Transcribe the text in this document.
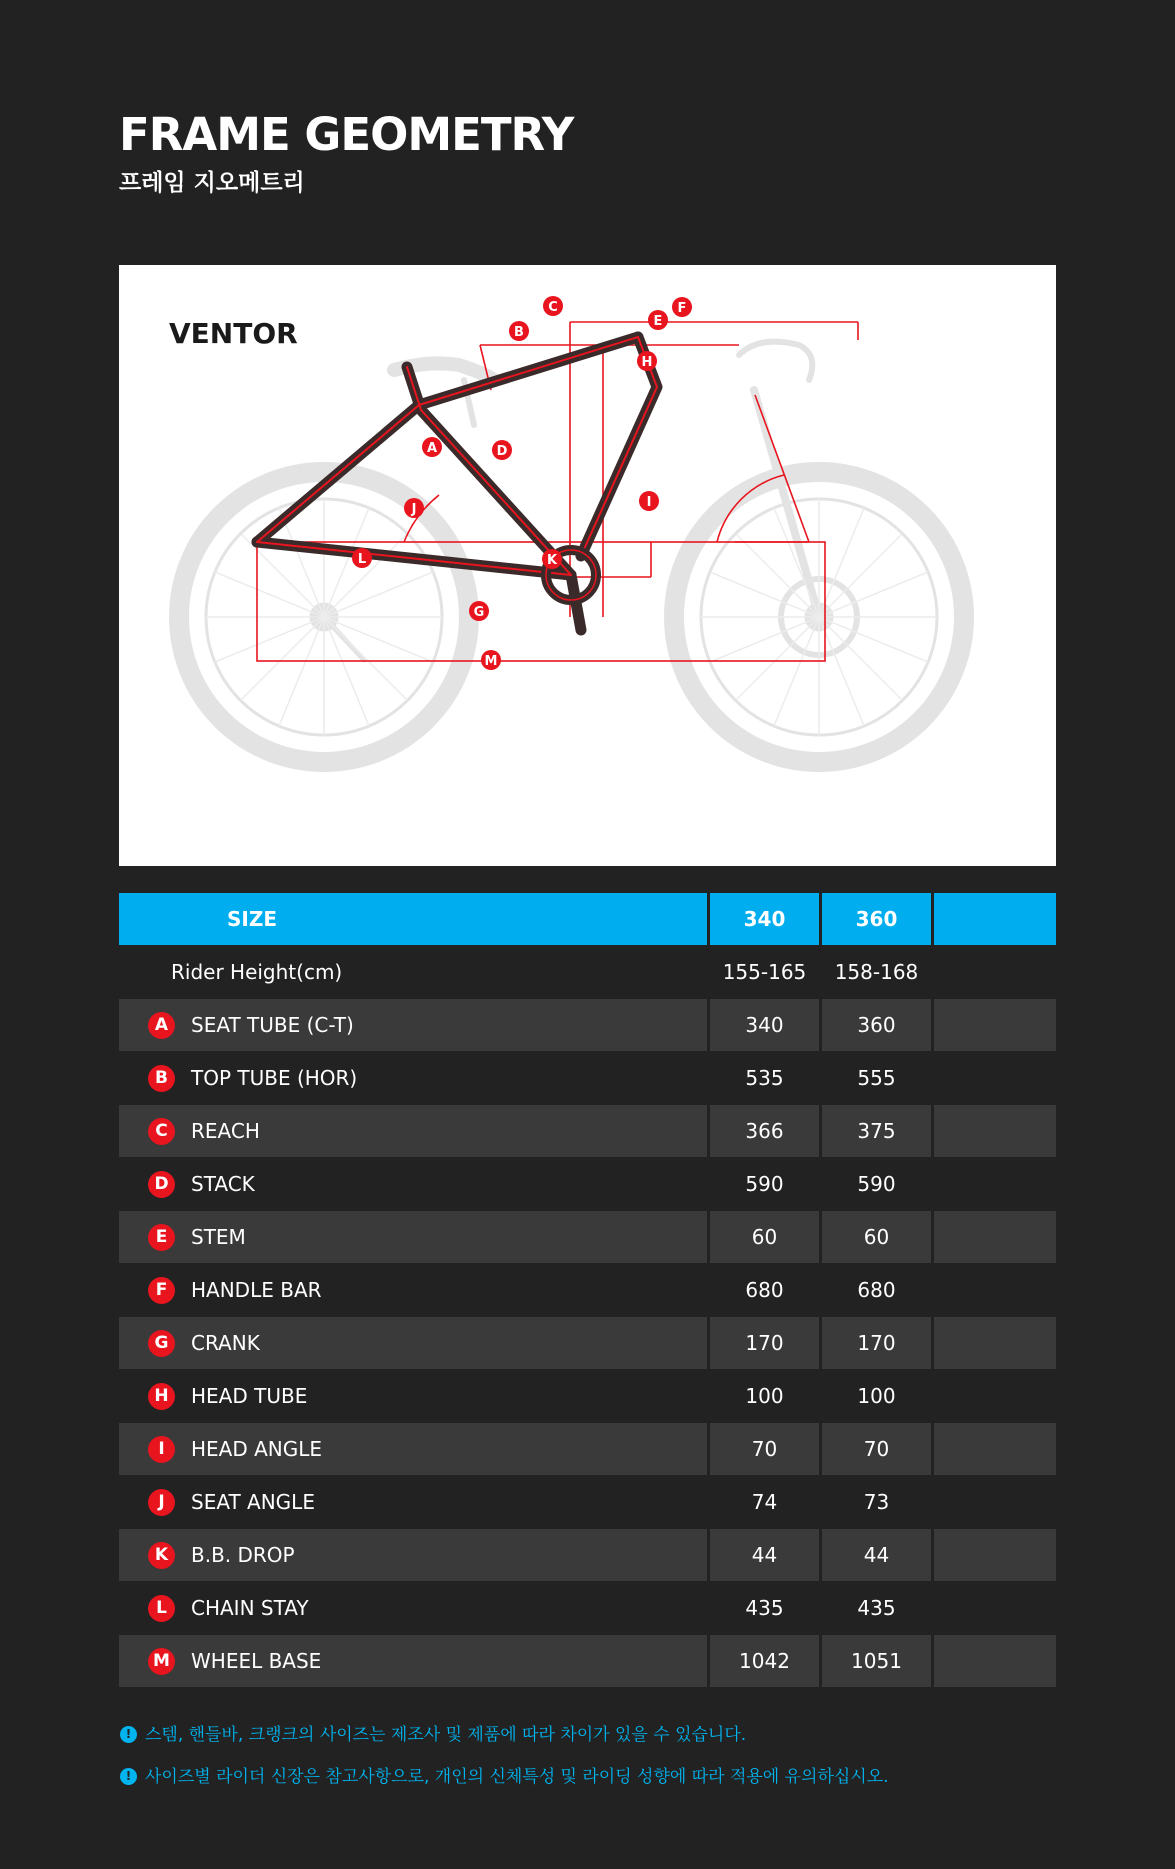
FRAME GEOMETRY
프레임 지오메트리
A
B
C
D
E
F
G
H
I
J
K
L
M
VENTOR
SIZE	340	360
Rider Height(cm)	155-165	158-168
A	SEAT TUBE (C-T)	340	360
B	TOP TUBE (HOR)	535	555
C	REACH	366	375
D	STACK	590	590
E	STEM	60	60
F	HANDLE BAR	680	680
G	CRANK	170	170
H	HEAD TUBE	100	100
I	HEAD ANGLE	70	70
J	SEAT ANGLE	74	73
K	B.B. DROP	44	44
L	CHAIN STAY	435	435
M WHEEL BASE	1042	1051
! 스템, 핸들바, 크랭크의 사이즈는 제조사 및 제품에 따라 차이가 있을 수 있습니다.
! 사이즈별 라이더 신장은 참고사항으로, 개인의 신체특성 및 라이딩 성향에 따라 적용에 유의하십시오.
